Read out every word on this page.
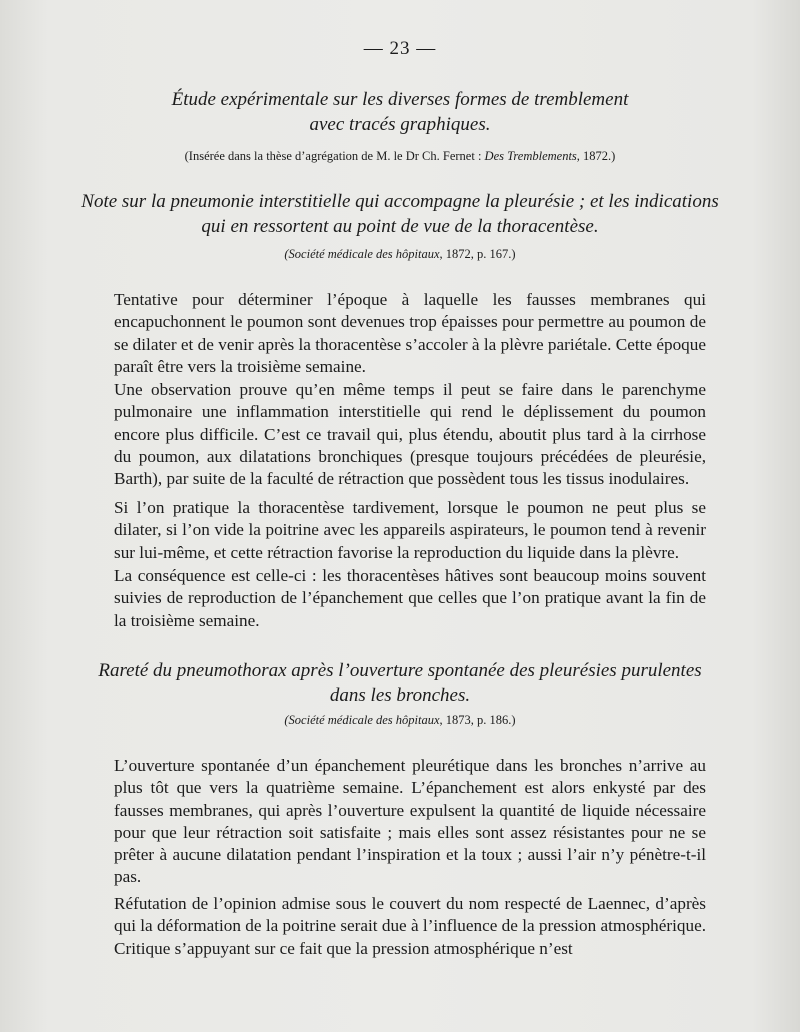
— 23 —
Étude expérimentale sur les diverses formes de tremblement
avec tracés graphiques.
(Insérée dans la thèse d’agrégation de M. le Dr Ch. Fernet : Des Tremblements, 1872.)
Note sur la pneumonie interstitielle qui accompagne la pleurésie ; et les indications
qui en ressortent au point de vue de la thoracentèse.
(Société médicale des hôpitaux, 1872, p. 167.)

Tentative pour déterminer l’époque à laquelle les fausses membranes qui encapuchonnent le poumon sont devenues trop épaisses pour permettre au poumon de se dilater et de venir après la thoracentèse s’accoler à la plèvre pariétale. Cette époque paraît être vers la troisième semaine.

Une observation prouve qu’en même temps il peut se faire dans le parenchyme pulmonaire une inflammation interstitielle qui rend le déplissement du poumon encore plus difficile. C’est ce travail qui, plus étendu, aboutit plus tard à la cirrhose du poumon, aux dilatations bronchiques (presque toujours précédées de pleurésie, Barth), par suite de la faculté de rétraction que possèdent tous les tissus inodulaires.

Si l’on pratique la thoracentèse tardivement, lorsque le poumon ne peut plus se dilater, si l’on vide la poitrine avec les appareils aspirateurs, le poumon tend à revenir sur lui-même, et cette rétraction favorise la reproduction du liquide dans la plèvre.

La conséquence est celle-ci : les thoracentèses hâtives sont beaucoup moins souvent suivies de reproduction de l’épanchement que celles que l’on pratique avant la fin de la troisième semaine.

Rareté du pneumothorax après l’ouverture spontanée des pleurésies purulentes
dans les bronches.
(Société médicale des hôpitaux, 1873, p. 186.)

L’ouverture spontanée d’un épanchement pleurétique dans les bronches n’arrive au plus tôt que vers la quatrième semaine. L’épanchement est alors enkysté par des fausses membranes, qui après l’ouverture expulsent la quantité de liquide nécessaire pour que leur rétraction soit satisfaite ; mais elles sont assez résistantes pour ne se prêter à aucune dilatation pendant l’inspiration et la toux ; aussi l’air n’y pénètre-t-il pas.

Réfutation de l’opinion admise sous le couvert du nom respecté de Laennec, d’après qui la déformation de la poitrine serait due à l’influence de la pression atmosphérique. Critique s’appuyant sur ce fait que la pression atmosphérique n’est
